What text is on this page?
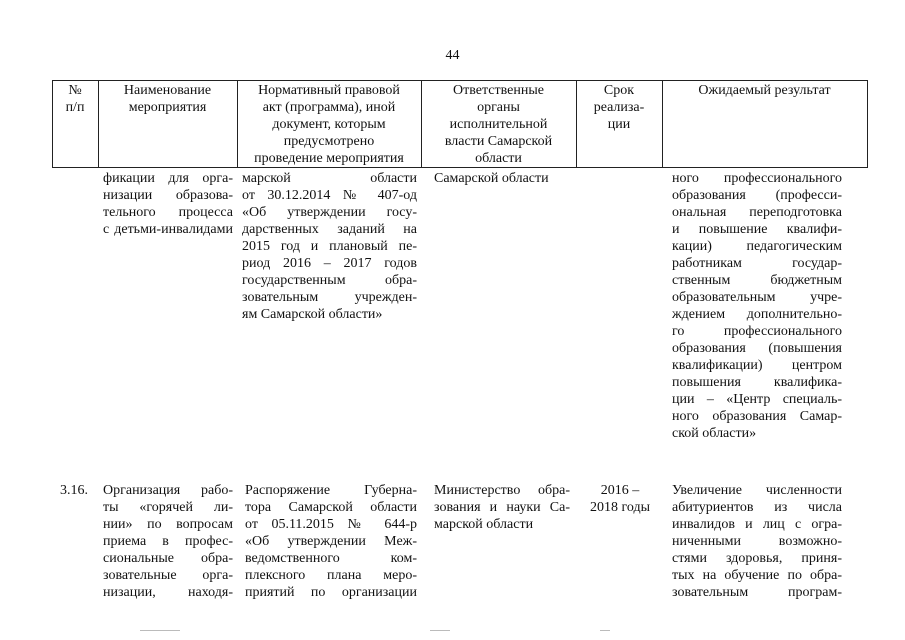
44
№
п/п
Наименование
мероприятия
Нормативный правовой
акт (программа), иной
документ, которым
предусмотрено
проведение мероприятия
Ответственные
органы
исполнительной
власти Самарской
области
Срок
реализа-
ции
Ожидаемый результат
фикации для орга-
низации образова-
тельного процесса
с детьми-инвалидами
марской области
от 30.12.2014 № 407-од
«Об утверждении госу-
дарственных заданий на
2015 год и плановый пе-
риод 2016 – 2017 годов
государственным обра-
зовательным учрежден-
ям Самарской области»
Самарской области	ного профессионального
образования (професси-
ональная переподготовка
и повышение квалифи-
кации) педагогическим
работникам государ-
ственным бюджетным
образовательным учре-
ждением дополнительно-
го профессионального
образования (повышения
квалификации) центром
повышения квалифика-
ции – «Центр специаль-
ного образования Самар-
ской области»
3.16. Организация рабо-
ты «горячей ли-
нии» по вопросам
приема в профес-
сиональные обра-
зовательные орга-
низации, находя-
Распоряжение Губерна-
тора Самарской области
от 05.11.2015 № 644-р
«Об утверждении Меж-
ведомственного ком-
плексного плана меро-
приятий по организации
Министерство обра-
зования и науки Са-
марской области
2016 –
2018 годы
Увеличение численности
абитуриентов из числа
инвалидов и лиц с огра-
ниченными возможно-
стями здоровья, приня-
тых на обучение по обра-
зовательным програм-
